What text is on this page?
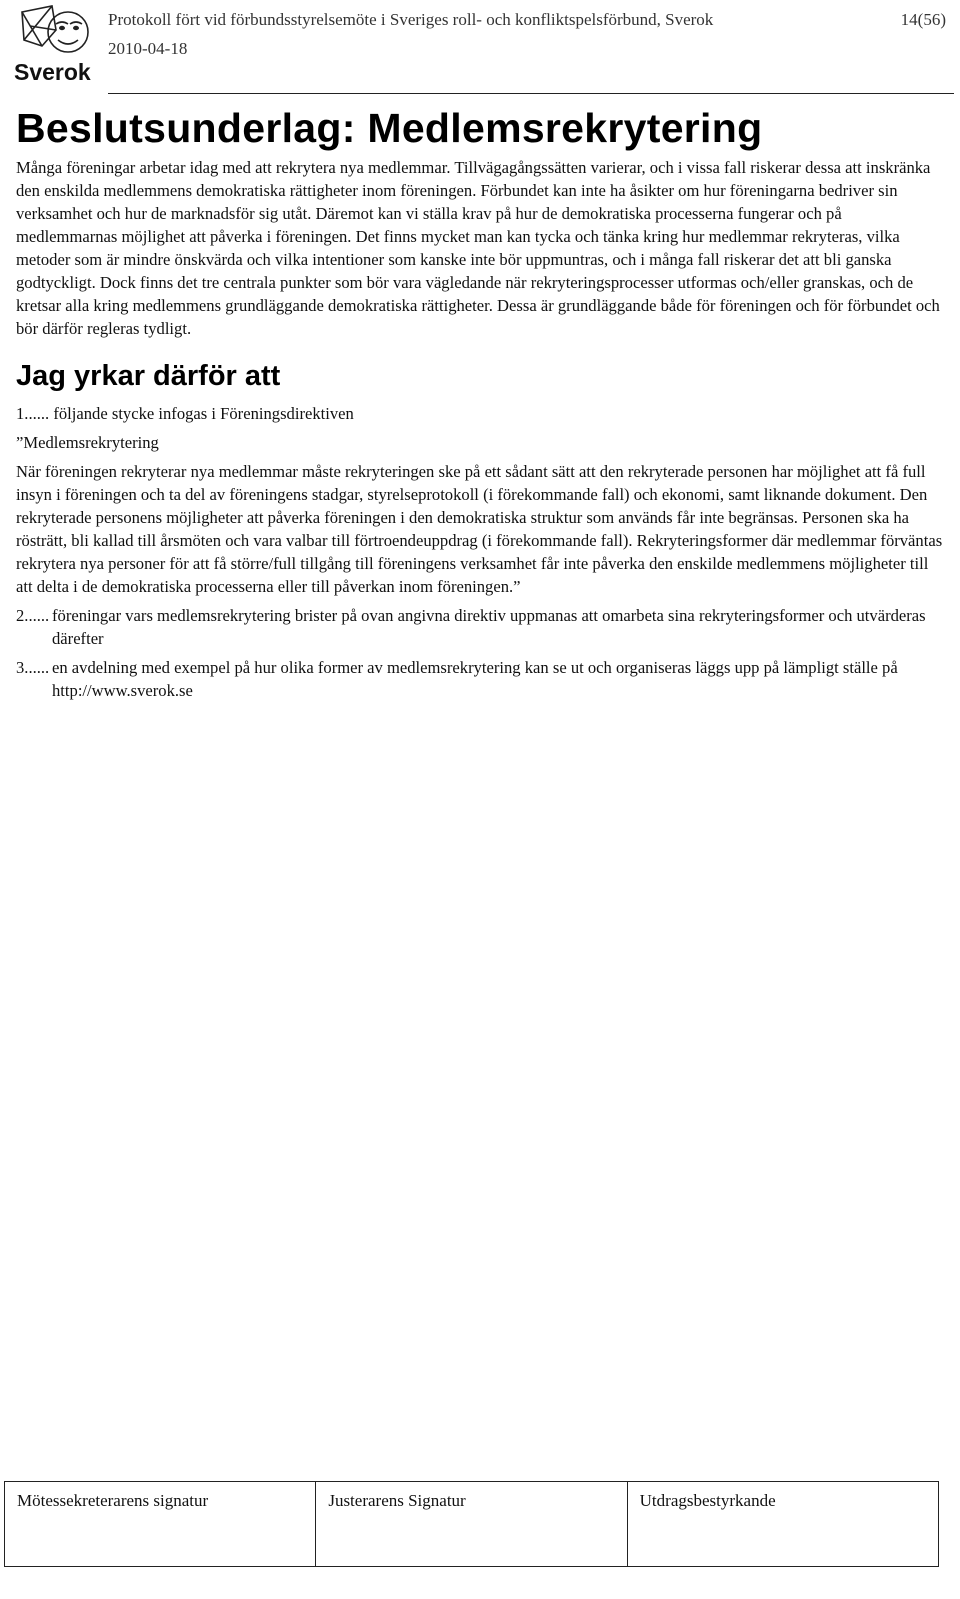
Sverok
Protokoll fört vid förbundsstyrelsemöte i Sveriges roll- och konfliktspelsförbund, Sverok
2010-04-18
14(56)
Beslutsunderlag: Medlemsrekrytering

Många föreningar arbetar idag med att rekrytera nya medlemmar. Tillvägagångssätten varierar, och i vissa fall riskerar dessa att inskränka den enskilda medlemmens demokratiska rättigheter inom föreningen. Förbundet kan inte ha åsikter om hur föreningarna bedriver sin verksamhet och hur de marknadsför sig utåt. Däremot kan vi ställa krav på hur de demokratiska processerna fungerar och på medlemmarnas möjlighet att påverka i föreningen. Det finns mycket man kan tycka och tänka kring hur medlemmar rekryteras, vilka metoder som är mindre önskvärda och vilka intentioner som kanske inte bör uppmuntras, och i många fall riskerar det att bli ganska godtyckligt. Dock finns det tre centrala punkter som bör vara vägledande när rekryteringsprocesser utformas och/eller granskas, och de kretsar alla kring medlemmens grundläggande demokratiska rättigheter. Dessa är grundläggande både för föreningen och för förbundet och bör därför regleras tydligt.

Jag yrkar därför att
1...... följande stycke infogas i Föreningsdirektiven
”Medlemsrekrytering
När föreningen rekryterar nya medlemmar måste rekryteringen ske på ett sådant sätt att den rekryterade personen har möjlighet att få full insyn i föreningen och ta del av föreningens stadgar, styrelseprotokoll (i förekommande fall) och ekonomi, samt liknande dokument. Den rekryterade personens möjligheter att påverka föreningen i den demokratiska struktur som används får inte begränsas. Personen ska ha rösträtt, bli kallad till årsmöten och vara valbar till förtroendeuppdrag (i förekommande fall). Rekryteringsformer där medlemmar förväntas rekrytera nya personer för att få större/full tillgång till föreningens verksamhet får inte påverka den enskilde medlemmens möjligheter till att delta i de demokratiska processerna eller till påverkan inom föreningen.”
2...... föreningar vars medlemsrekrytering brister på ovan angivna direktiv uppmanas att omarbeta sina rekryteringsformer och utvärderas därefter
3...... en avdelning med exempel på hur olika former av medlemsrekrytering kan se ut och organiseras läggs upp på lämpligt ställe på http://www.sverok.se
Mötessekreterarens signatur	Justerarens Signatur	Utdragsbestyrkande
